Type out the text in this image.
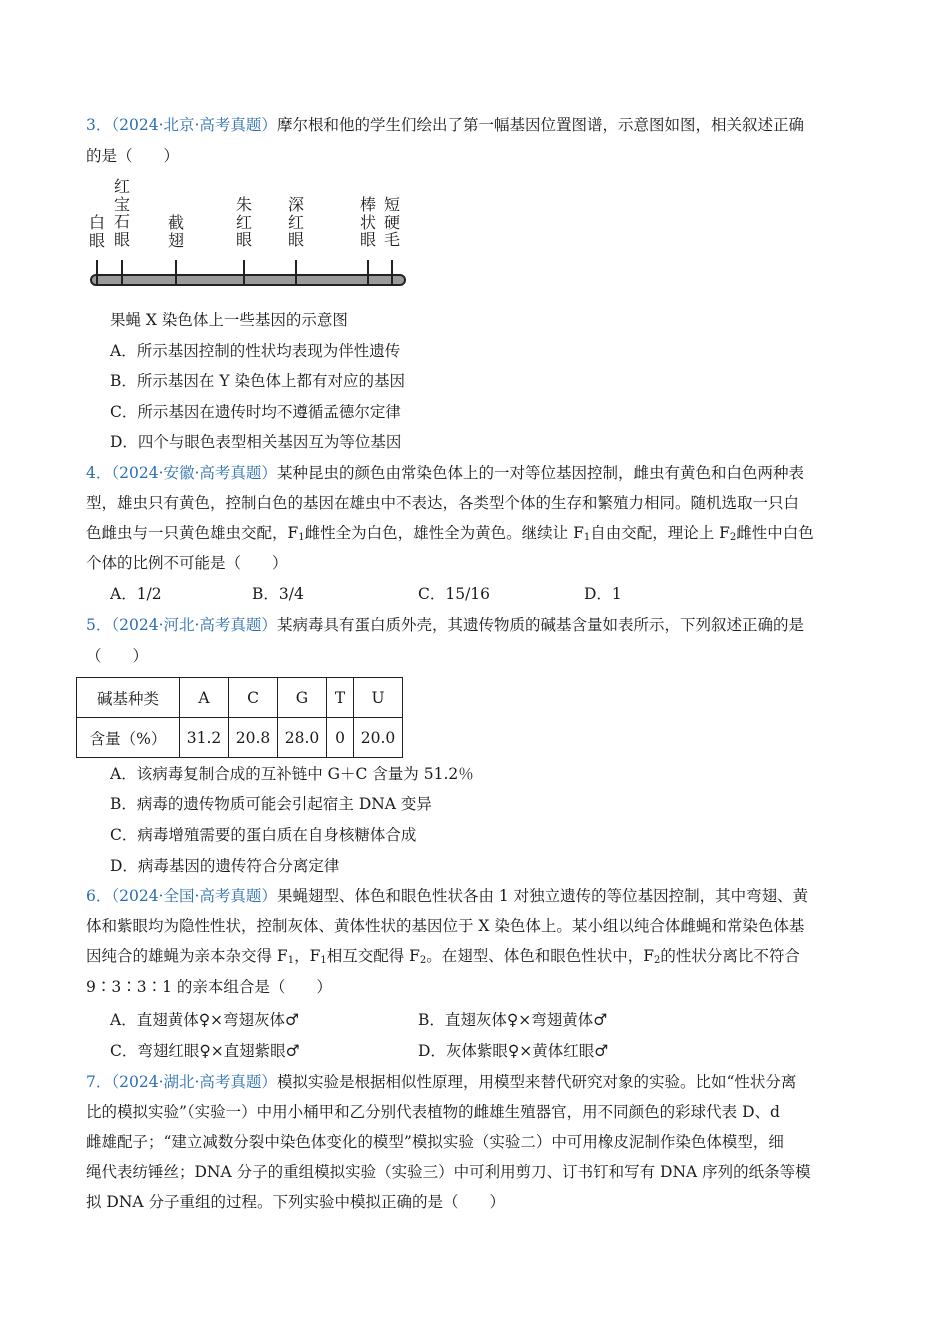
3．（2024·北京·高考真题）摩尔根和他的学生们绘出了第一幅基因位置图谱，示意图如图，相关叙述正确
的是（　　）
白
眼
红
宝
石
眼
截
翅
朱
红
眼
深
红
眼
棒
状
眼
短
硬
毛
果蝇 X 染色体上一些基因的示意图
A．所示基因控制的性状均表现为伴性遗传
B．所示基因在 Y 染色体上都有对应的基因
C．所示基因在遗传时均不遵循孟德尔定律
D．四个与眼色表型相关基因互为等位基因
4．（2024·安徽·高考真题）某种昆虫的颜色由常染色体上的一对等位基因控制，雌虫有黄色和白色两种表
型，雄虫只有黄色，控制白色的基因在雄虫中不表达，各类型个体的生存和繁殖力相同。随机选取一只白
色雌虫与一只黄色雄虫交配，$F_1$雌性全为白色，雄性全为黄色。继续让 $F_1$自由交配，理论上 $F_2$雌性中白色
个体的比例不可能是（　　）
A．1/2	B．3/4	C．15/16	D．1
5．（2024·河北·高考真题）某病毒具有蛋白质外壳，其遗传物质的碱基含量如表所示，下列叙述正确的是
（　　）
碱基种类	A	C	G	T	U
含量（%）	31.2	20.8	28.0	0	20.0
A．该病毒复制合成的互补链中 G＋C 含量为 51.2％
B．病毒的遗传物质可能会引起宿主 DNA 变异
C．病毒增殖需要的蛋白质在自身核糖体合成
D．病毒基因的遗传符合分离定律
6．（2024·全国·高考真题）果蝇翅型、体色和眼色性状各由 1 对独立遗传的等位基因控制，其中弯翅、黄
体和紫眼均为隐性性状，控制灰体、黄体性状的基因位于 X 染色体上。某小组以纯合体雌蝇和常染色体基
因纯合的雄蝇为亲本杂交得 $F_1$，$F_1$相互交配得 $F_2$。在翅型、体色和眼色性状中，$F_2$的性状分离比不符合
9∶3∶3∶1 的亲本组合是（　　）
A．直翅黄体♀×弯翅灰体♂	B．直翅灰体♀×弯翅黄体♂
C．弯翅红眼♀×直翅紫眼♂	D．灰体紫眼♀×黄体红眼♂
7．（2024·湖北·高考真题）模拟实验是根据相似性原理，用模型来替代研究对象的实验。比如“性状分离
比的模拟实验”（实验一）中用小桶甲和乙分别代表植物的雌雄生殖器官，用不同颜色的彩球代表 D、d
雌雄配子；“建立减数分裂中染色体变化的模型”模拟实验（实验二）中可用橡皮泥制作染色体模型，细
绳代表纺锤丝；DNA 分子的重组模拟实验（实验三）中可利用剪刀、订书钉和写有 DNA 序列的纸条等模
拟 DNA 分子重组的过程。下列实验中模拟正确的是（　　）
